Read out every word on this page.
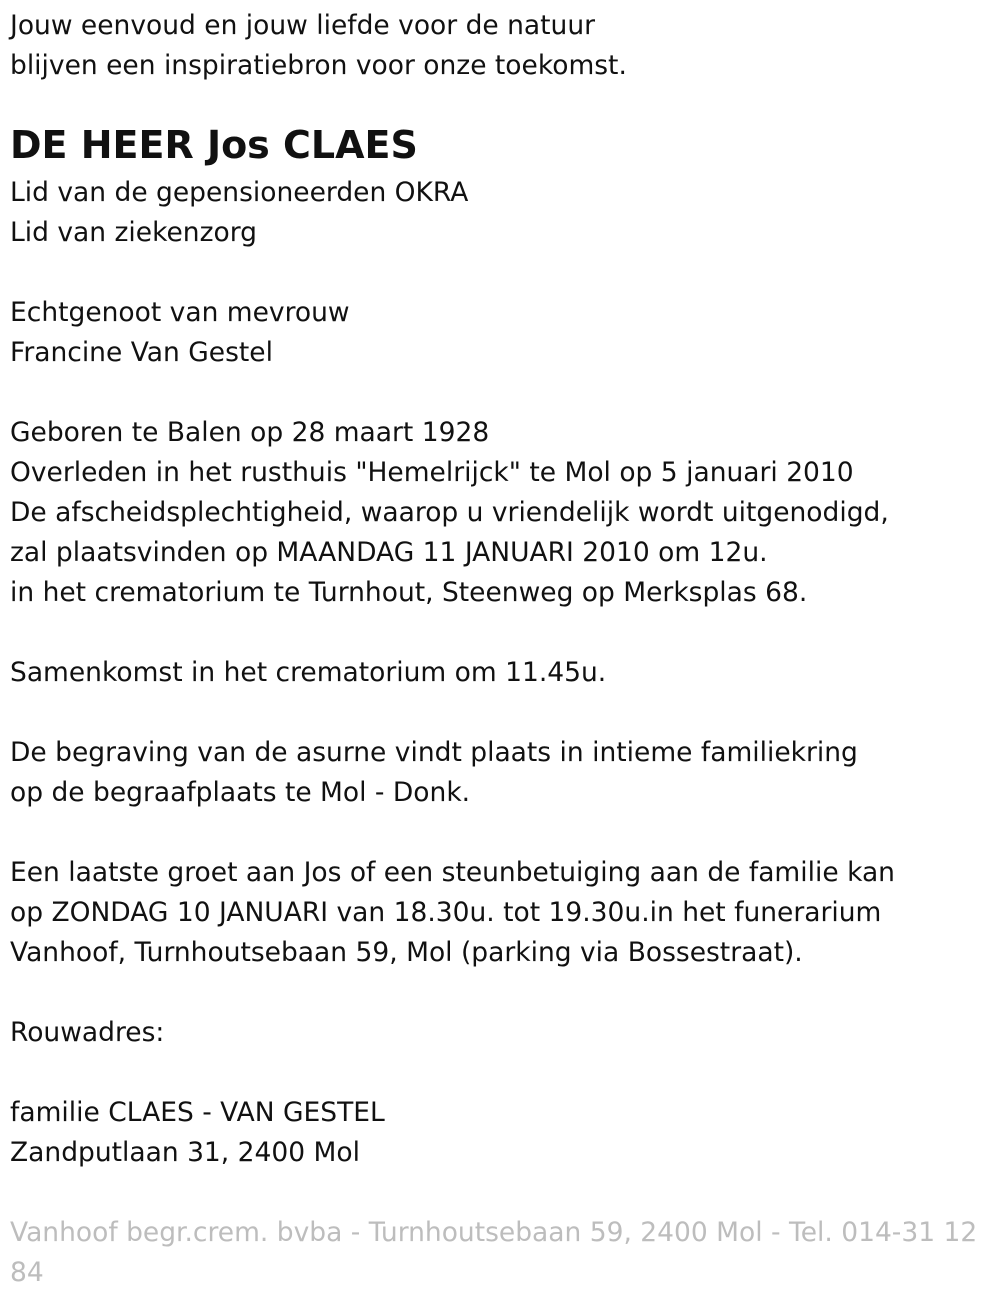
Jouw eenvoud en jouw liefde voor de natuur

blijven een inspiratiebron voor onze toekomst.

DE HEER Jos CLAES

Lid van de gepensioneerden OKRA

Lid van ziekenzorg

Echtgenoot van mevrouw

Francine Van Gestel

Geboren te Balen op 28 maart 1928

Overleden in het rusthuis "Hemelrijck" te Mol op 5 januari 2010

De afscheidsplechtigheid, waarop u vriendelijk wordt uitgenodigd,

zal plaatsvinden op MAANDAG 11 JANUARI 2010 om 12u.

in het crematorium te Turnhout, Steenweg op Merksplas 68.

Samenkomst in het crematorium om 11.45u.

De begraving van de asurne vindt plaats in intieme familiekring

op de begraafplaats te Mol - Donk.

Een laatste groet aan Jos of een steunbetuiging aan de familie kan

op ZONDAG 10 JANUARI van 18.30u. tot 19.30u.in het funerarium

Vanhoof, Turnhoutsebaan 59, Mol (parking via Bossestraat).

Rouwadres:

familie CLAES - VAN GESTEL

Zandputlaan 31, 2400 Mol

Vanhoof begr.crem. bvba - Turnhoutsebaan 59, 2400 Mol - Tel. 014-31 12 84
